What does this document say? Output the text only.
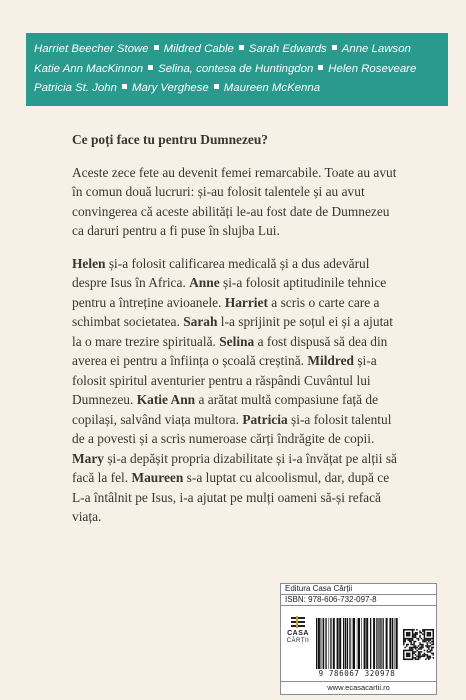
Harriet Beecher Stowe Mildred Cable Sarah Edwards Anne Lawson
Katie Ann MacKinnon Selina, contesa de Huntingdon Helen Roseveare
Patricia St. John Mary Verghese Maureen McKenna
Ce poți face tu pentru Dumnezeu?
Aceste zece fete au devenit femei remarcabile. Toate au avut în comun două lucruri: și-au folosit talentele și au avut convingerea că aceste abilități le-au fost date de Dumnezeu ca daruri pentru a fi puse în slujba Lui.
Helen și-a folosit calificarea medicală și a dus adevărul despre Isus în Africa. Anne și-a folosit aptitudinile tehnice pentru a întreține avioanele. Harriet a scris o carte care a schimbat societatea. Sarah l-a sprijinit pe soțul ei și a ajutat la o mare trezire spirituală. Selina a fost dispusă să dea din averea ei pentru a înființa o școală creștină. Mildred și-a folosit spiritul aventurier pentru a răspândi Cuvântul lui Dumnezeu. Katie Ann a arătat multă compasiune față de copilași, salvând viața multora. Patricia și-a folosit talentul de a povesti și a scris numeroase cărți îndrăgite de copii. Mary și-a depășit propria dizabilitate și i-a învățat pe alții să facă la fel. Maureen s-a luptat cu alcoolismul, dar, după ce L-a întâlnit pe Isus, i-a ajutat pe mulți oameni să-și refacă viața.
Editura Casa Cărții
ISBN: 978-606-732-097-8
CASA
CĂRȚII
9 786067 320978
www.ecasacartii.ro
